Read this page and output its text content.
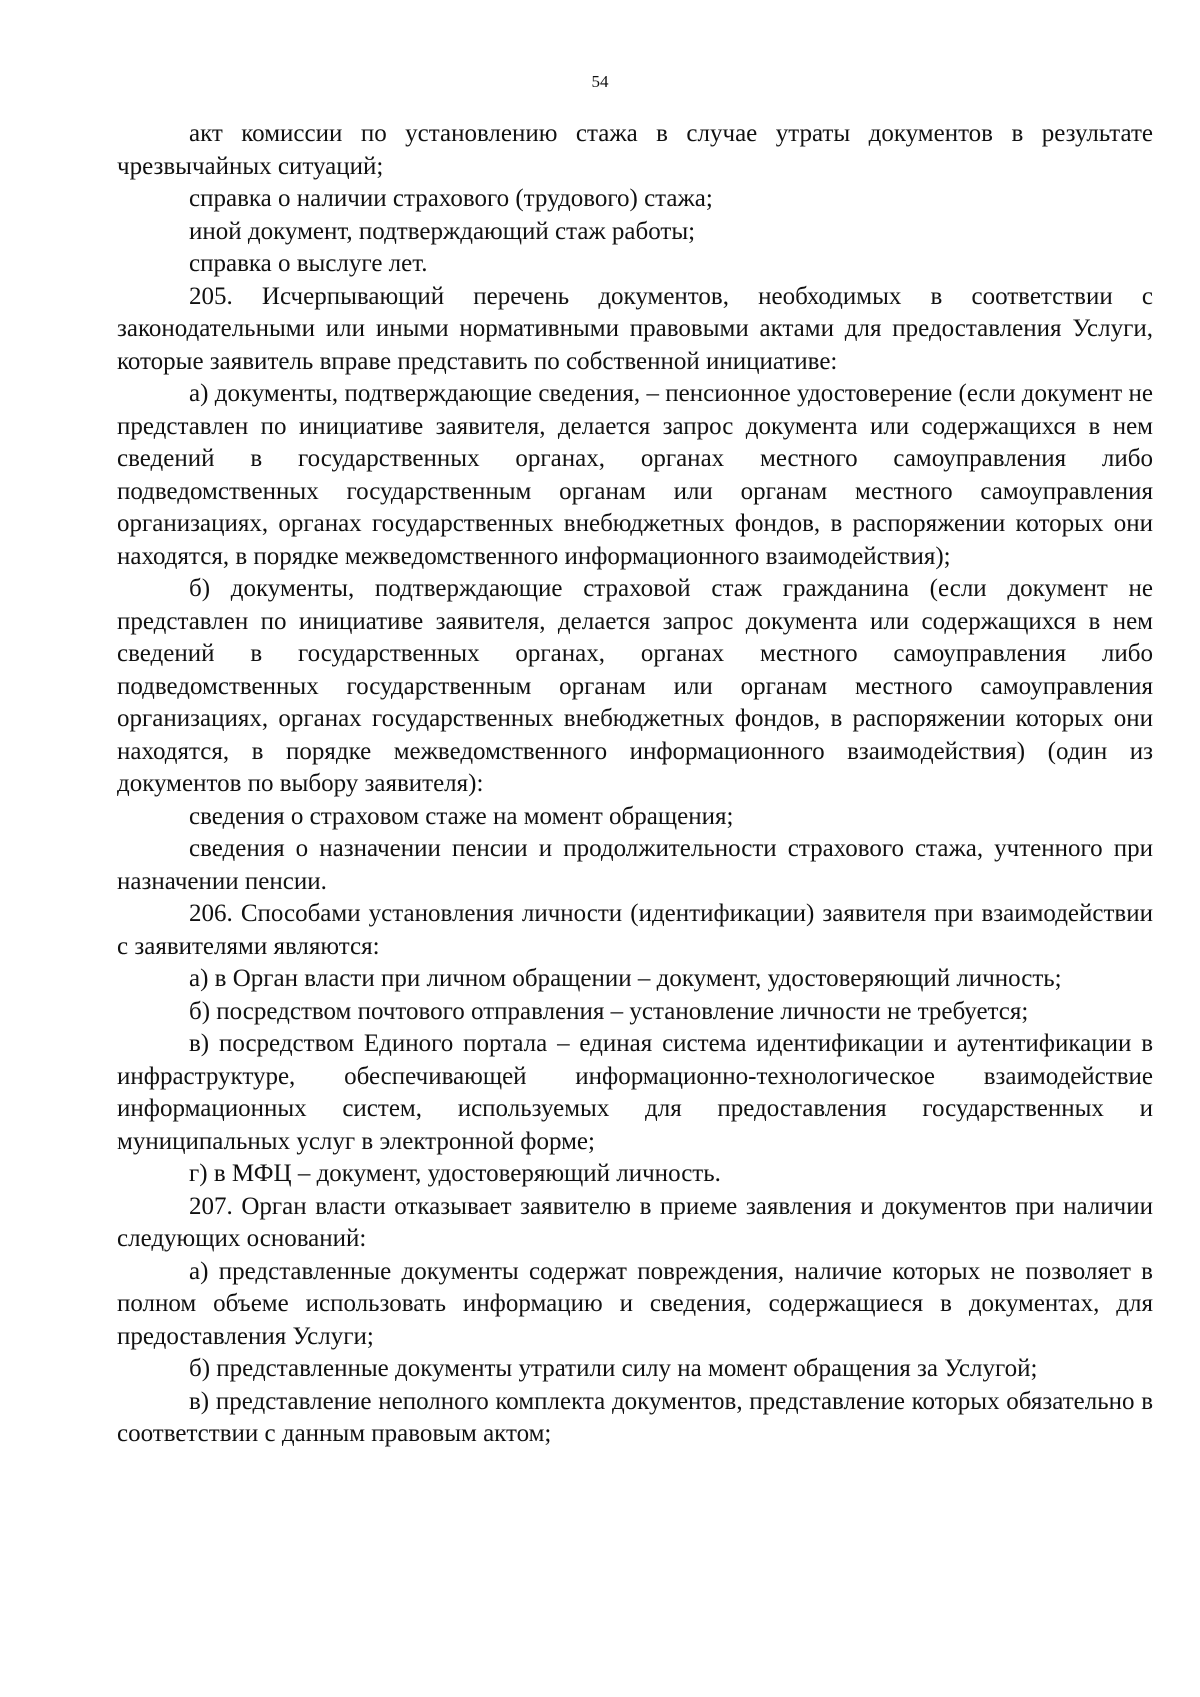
54

акт комиссии по установлению стажа в случае утраты документов в результате чрезвычайных ситуаций;

справка о наличии страхового (трудового) стажа;

иной документ, подтверждающий стаж работы;

справка о выслуге лет.

205. Исчерпывающий перечень документов, необходимых в соответствии с законодательными или иными нормативными правовыми актами для предоставления Услуги, которые заявитель вправе представить по собственной инициативе:

а) документы, подтверждающие сведения, – пенсионное удостоверение (если документ не представлен по инициативе заявителя, делается запрос документа или содержащихся в нем сведений в государственных органах, органах местного самоуправления либо подведомственных государственным органам или органам местного самоуправления организациях, органах государственных внебюджетных фондов, в распоряжении которых они находятся, в порядке межведомственного информационного взаимодействия);

б) документы, подтверждающие страховой стаж гражданина (если документ не представлен по инициативе заявителя, делается запрос документа или содержащихся в нем сведений в государственных органах, органах местного самоуправления либо подведомственных государственным органам или органам местного самоуправления организациях, органах государственных внебюджетных фондов, в распоряжении которых они находятся, в порядке межведомственного информационного взаимодействия) (один из документов по выбору заявителя):

сведения о страховом стаже на момент обращения;

сведения о назначении пенсии и продолжительности страхового стажа, учтенного при назначении пенсии.

206. Способами установления личности (идентификации) заявителя при взаимодействии с заявителями являются:

а) в Орган власти при личном обращении – документ, удостоверяющий личность;

б) посредством почтового отправления – установление личности не требуется;

в) посредством Единого портала – единая система идентификации и аутентификации в инфраструктуре, обеспечивающей информационно-технологическое взаимодействие информационных систем, используемых для предоставления государственных и муниципальных услуг в электронной форме;

г) в МФЦ – документ, удостоверяющий личность.

207. Орган власти отказывает заявителю в приеме заявления и документов при наличии следующих оснований:

а) представленные документы содержат повреждения, наличие которых не позволяет в полном объеме использовать информацию и сведения, содержащиеся в документах, для предоставления Услуги;

б) представленные документы утратили силу на момент обращения за Услугой;

в) представление неполного комплекта документов, представление которых обязательно в соответствии с данным правовым актом;
